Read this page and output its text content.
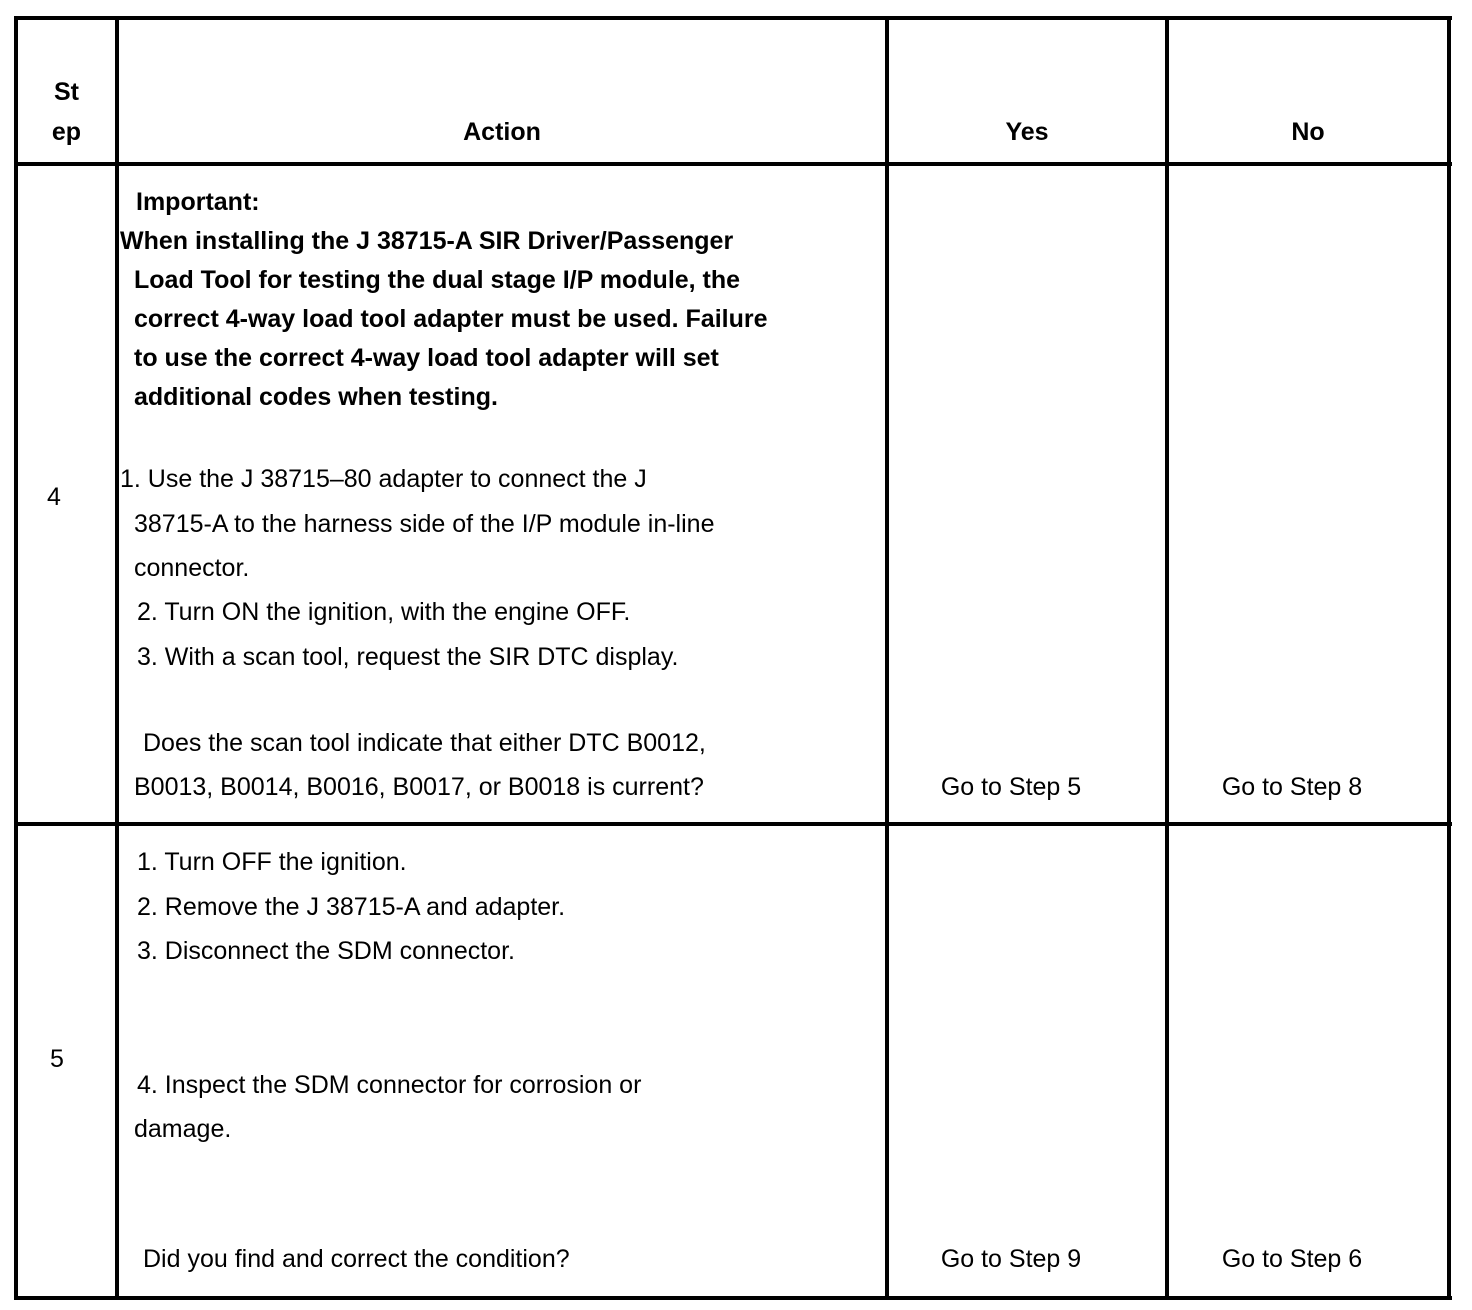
St
ep	Action	Yes	No
4
Important:
When installing the J 38715-A SIR Driver/Passenger
Load Tool for testing the dual stage I/P module, the
correct 4-way load tool adapter must be used. Failure
to use the correct 4-way load tool adapter will set
additional codes when testing.
1. Use the J 38715–80 adapter to connect the J
38715-A to the harness side of the I/P module in-line
connector.
2. Turn ON the ignition, with the engine OFF.
3. With a scan tool, request the SIR DTC display.
Does the scan tool indicate that either DTC B0012,
B0013, B0014, B0016, B0017, or B0018 is current?	Go to Step 5	Go to Step 8
5
1. Turn OFF the ignition.
2. Remove the J 38715-A and adapter.
3. Disconnect the SDM connector.
4. Inspect the SDM connector for corrosion or
damage.
Did you find and correct the condition?	Go to Step 9	Go to Step 6
